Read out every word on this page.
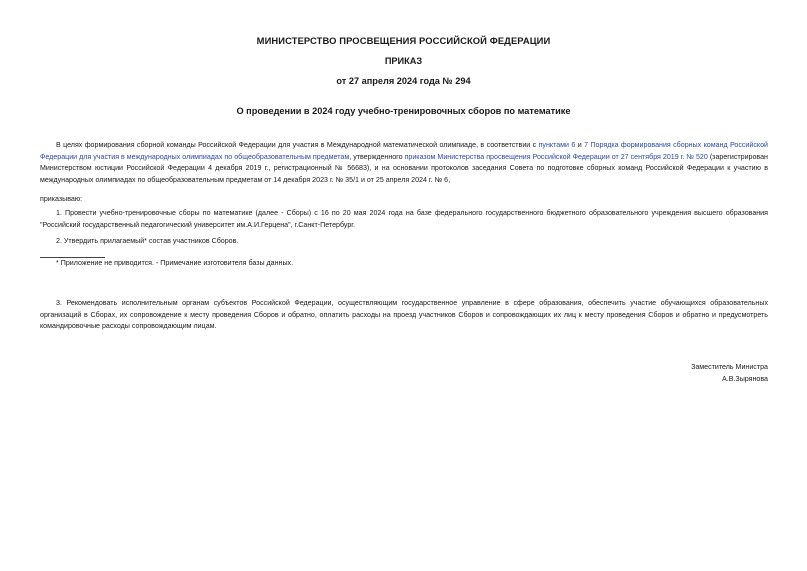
МИНИСТЕРСТВО ПРОСВЕЩЕНИЯ РОССИЙСКОЙ ФЕДЕРАЦИИ
ПРИКАЗ
от 27 апреля 2024 года № 294
О проведении в 2024 году учебно-тренировочных сборов по математике
В целях формирования сборной команды Российской Федерации для участия в Международной математической олимпиаде, в соответствии с пунктами 6 и 7 Порядка формирования сборных команд Российской Федерации для участия в международных олимпиадах по общеобразовательным предметам, утвержденного приказом Министерства просвещения Российской Федерации от 27 сентября 2019 г. № 520 (зарегистрирован Министерством юстиции Российской Федерации 4 декабря 2019 г., регистрационный № 56683), и на основании протоколов заседания Совета по подготовке сборных команд Российской Федерации к участию в международных олимпиадах по общеобразовательным предметам от 14 декабря 2023 г. № 35/1 и от 25 апреля 2024 г. № 6,
приказываю:
1. Провести учебно-тренировочные сборы по математике (далее - Сборы) с 16 по 20 мая 2024 года на базе федерального государственного бюджетного образовательного учреждения высшего образования "Российский государственный педагогический университет им.А.И.Герцена", г.Санкт-Петербург.
2. Утвердить прилагаемый* состав участников Сборов.
* Приложение не приводится. - Примечание изготовителя базы данных.
3. Рекомендовать исполнительным органам субъектов Российской Федерации, осуществляющим государственное управление в сфере образования, обеспечить участие обучающихся образовательных организаций в Сборах, их сопровождение к месту проведения Сборов и обратно, оплатить расходы на проезд участников Сборов и сопровождающих их лиц к месту проведения Сборов и обратно и предусмотреть командировочные расходы сопровождающим лицам.
Заместитель Министра
А.В.Зырянова
